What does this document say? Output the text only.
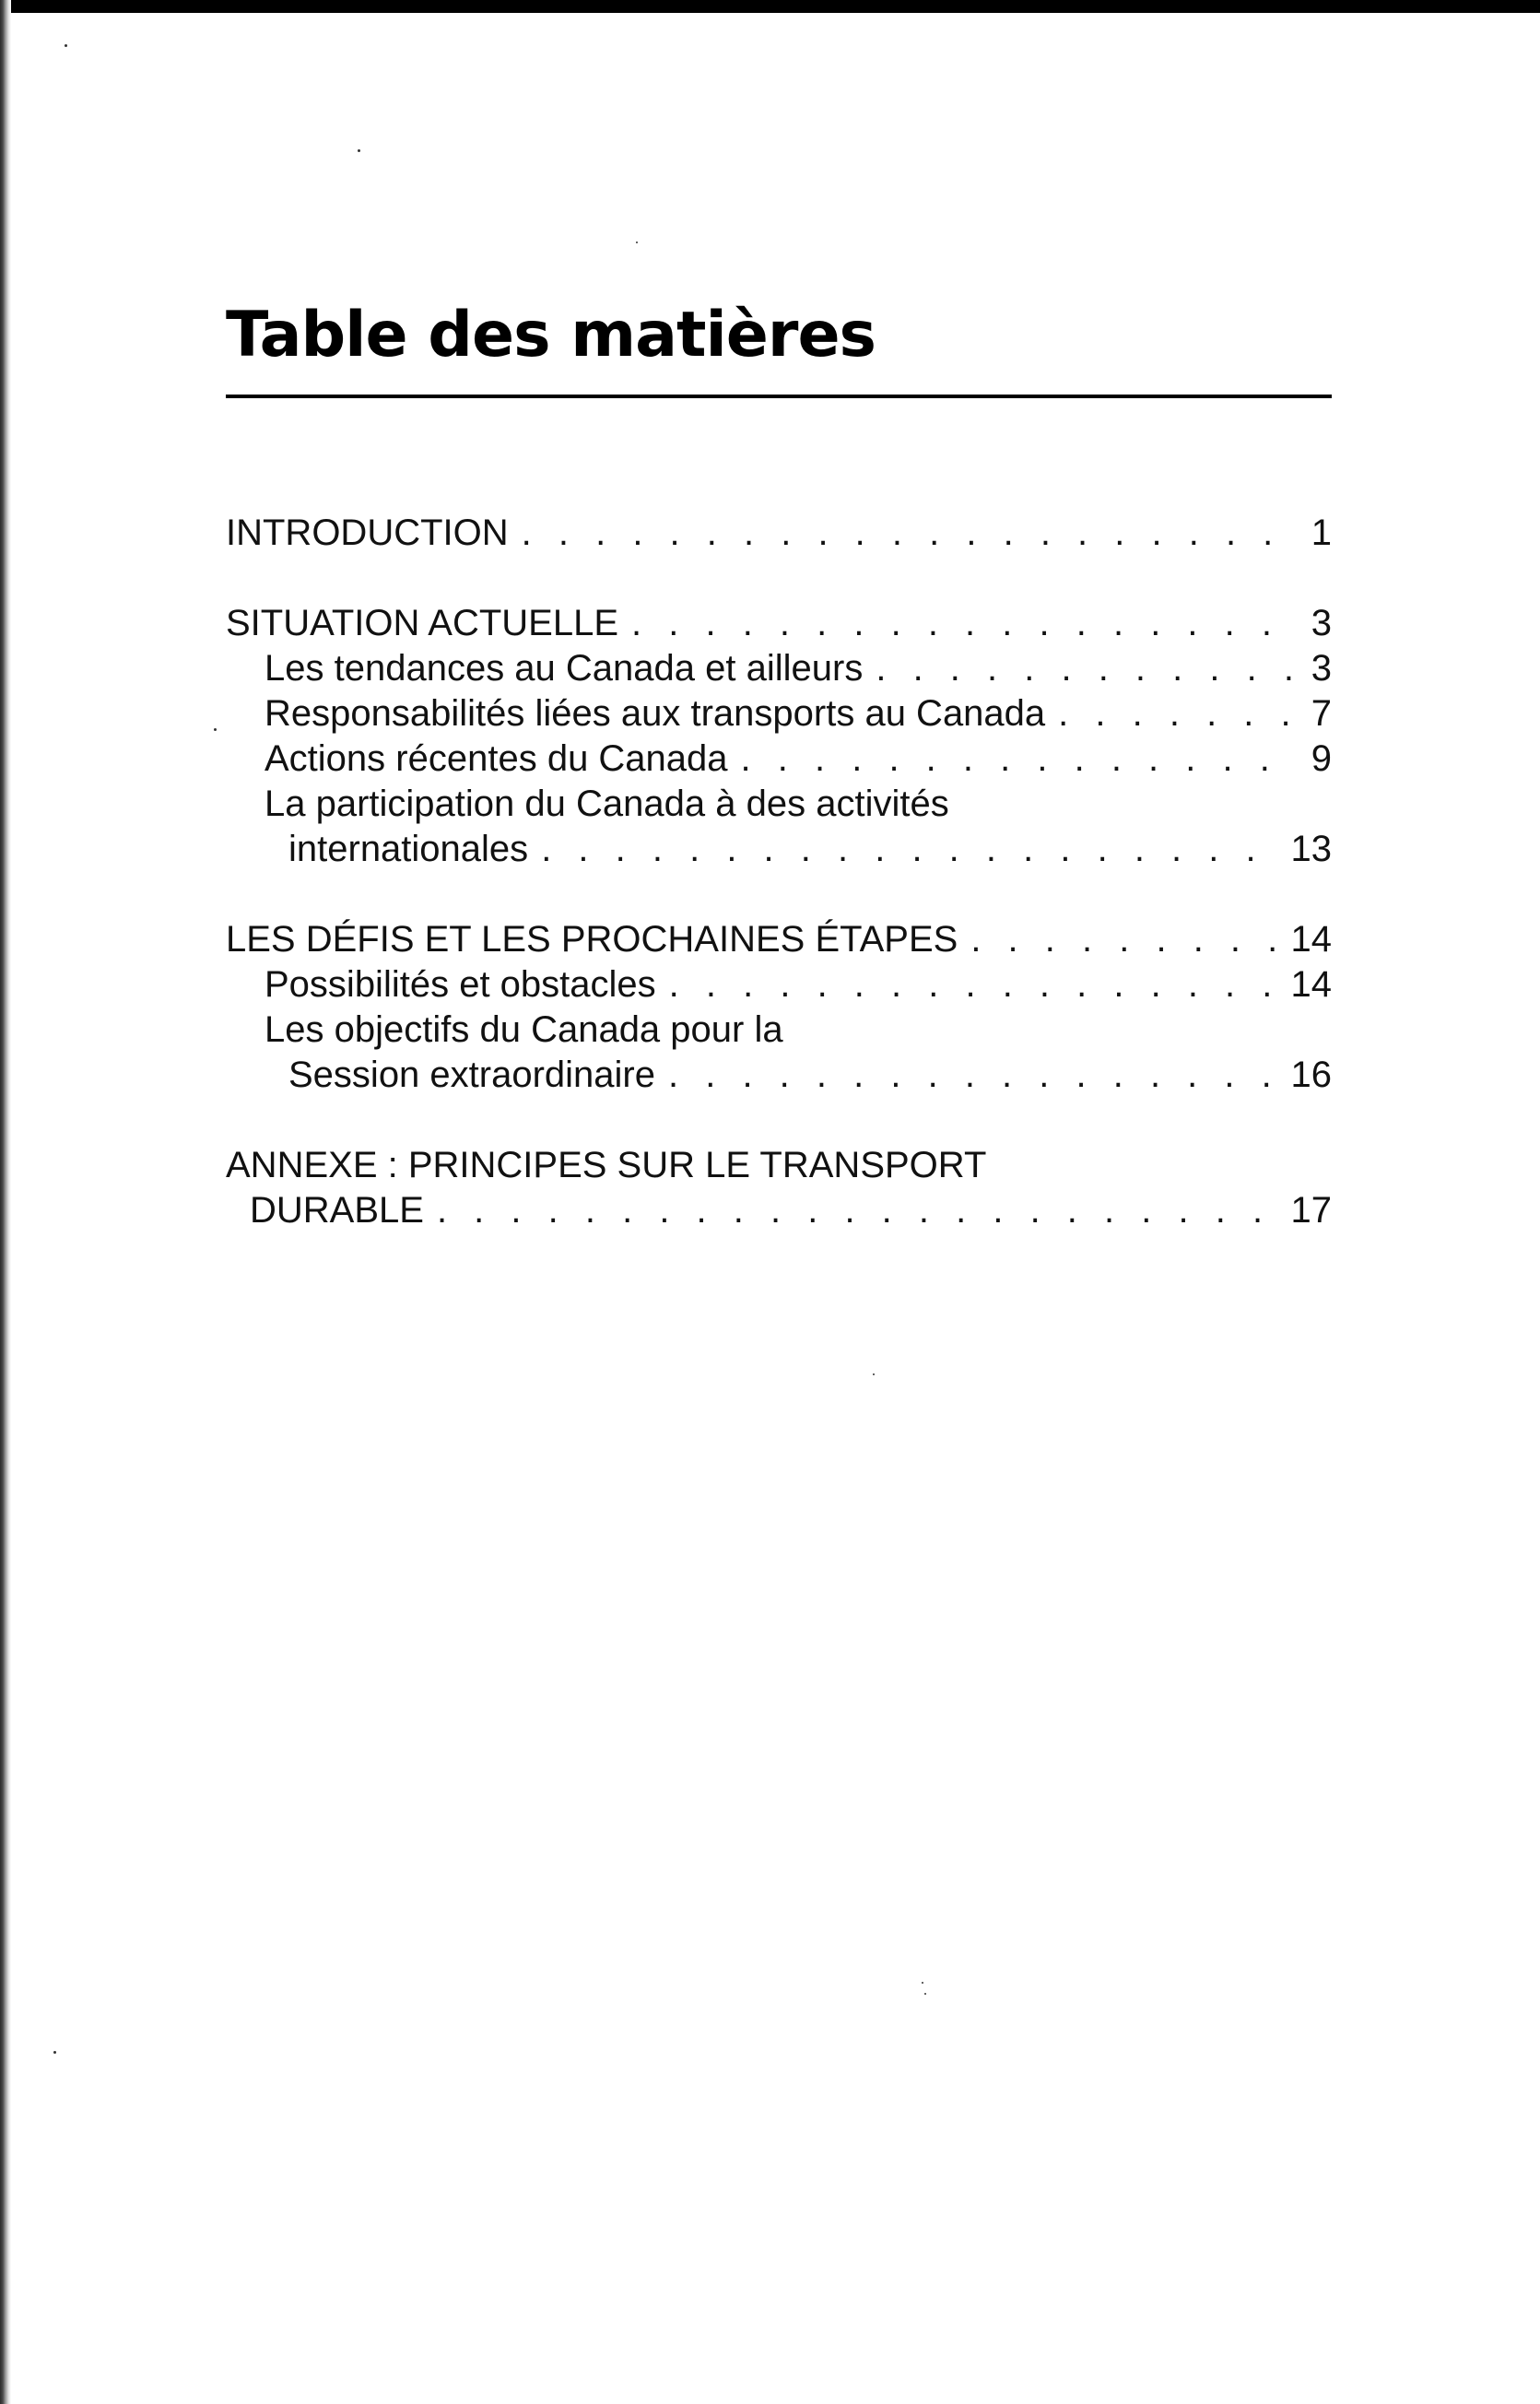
Table des matières
INTRODUCTION . . .	1
SITUATION ACTUELLE . . .	3
Les tendances au Canada et ailleurs . . .	3
Responsabilités liées aux transports au Canada . . .	7
Actions récentes du Canada . . .	9
La participation du Canada à des activités
internationales . . .	13
LES DÉFIS ET LES PROCHAINES ÉTAPES . . .	14
Possibilités et obstacles . . .	14
Les objectifs du Canada pour la
Session extraordinaire . . .	16
ANNEXE : PRINCIPES SUR LE TRANSPORT
DURABLE . . .	17
